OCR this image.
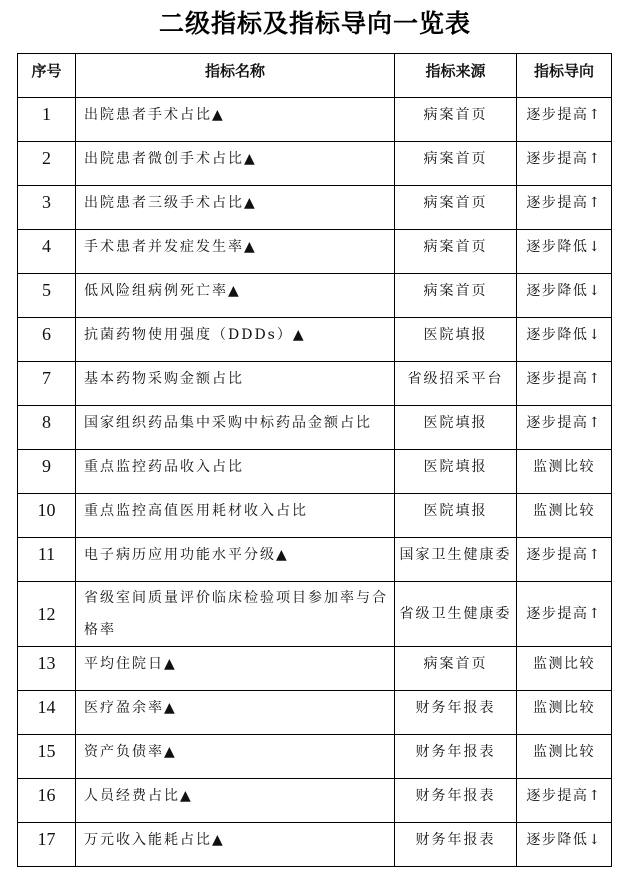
二级指标及指标导向一览表
序号	指标名称	指标来源	指标导向
1	出院患者手术占比▲	病案首页	逐步提高↑
2	出院患者微创手术占比▲	病案首页	逐步提高↑
3	出院患者三级手术占比▲	病案首页	逐步提高↑
4	手术患者并发症发生率▲	病案首页	逐步降低↓
5	低风险组病例死亡率▲	病案首页	逐步降低↓
6	抗菌药物使用强度（DDDs）▲	医院填报	逐步降低↓
7	基本药物采购金额占比	省级招采平台	逐步提高↑
8	国家组织药品集中采购中标药品金额占比	医院填报	逐步提高↑
9	重点监控药品收入占比	医院填报	监测比较
10	重点监控高值医用耗材收入占比	医院填报	监测比较
11	电子病历应用功能水平分级▲	国家卫生健康委	逐步提高↑
12	省级室间质量评价临床检验项目参加率与合格率	省级卫生健康委	逐步提高↑
13	平均住院日▲	病案首页	监测比较
14	医疗盈余率▲	财务年报表	监测比较
15	资产负债率▲	财务年报表	监测比较
16	人员经费占比▲	财务年报表	逐步提高↑
17	万元收入能耗占比▲	财务年报表	逐步降低↓
